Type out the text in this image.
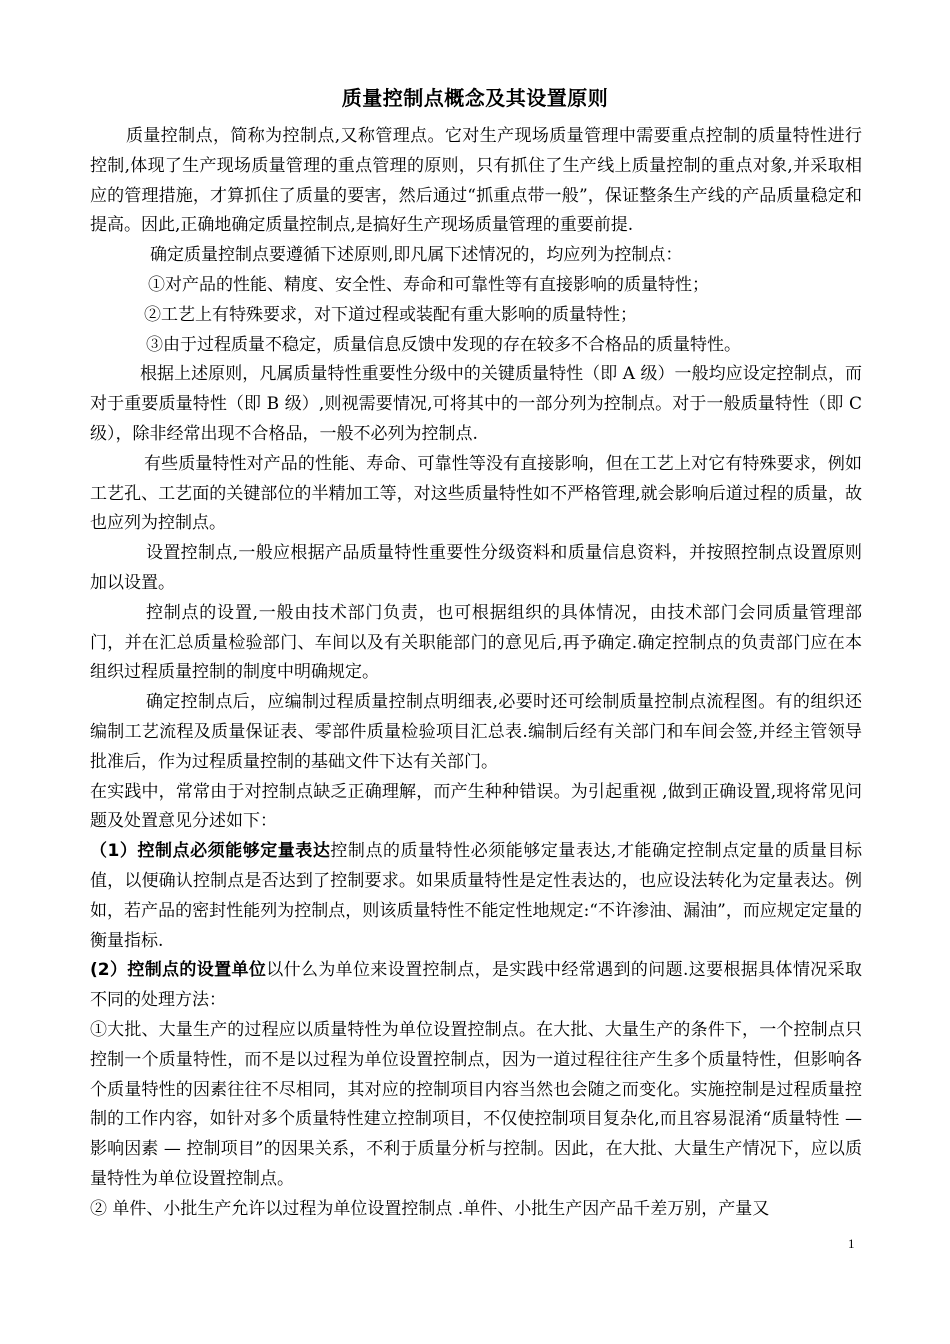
质量控制点概念及其设置原则

质量控制点，简称为控制点,又称管理点。它对生产现场质量管理中需要重点控制的质量特性进行控制,体现了生产现场质量管理的重点管理的原则，只有抓住了生产线上质量控制的重点对象,并采取相应的管理措施，才算抓住了质量的要害，然后通过“抓重点带一般”，保证整条生产线的产品质量稳定和提高。因此,正确地确定质量控制点,是搞好生产现场质量管理的重要前提.

确定质量控制点要遵循下述原则,即凡属下述情况的，均应列为控制点：

①对产品的性能、精度、安全性、寿命和可靠性等有直接影响的质量特性；

②工艺上有特殊要求，对下道过程或装配有重大影响的质量特性；

③由于过程质量不稳定，质量信息反馈中发现的存在较多不合格品的质量特性。

根据上述原则，凡属质量特性重要性分级中的关键质量特性（即 A 级）一般均应设定控制点，而对于重要质量特性（即 B 级）,则视需要情况,可将其中的一部分列为控制点。对于一般质量特性（即 C 级），除非经常出现不合格品，一般不必列为控制点.

有些质量特性对产品的性能、寿命、可靠性等没有直接影响，但在工艺上对它有特殊要求，例如工艺孔、工艺面的关键部位的半精加工等，对这些质量特性如不严格管理,就会影响后道过程的质量，故也应列为控制点。

设置控制点,一般应根据产品质量特性重要性分级资料和质量信息资料，并按照控制点设置原则加以设置。

控制点的设置,一般由技术部门负责，也可根据组织的具体情况，由技术部门会同质量管理部门，并在汇总质量检验部门、车间以及有关职能部门的意见后,再予确定.确定控制点的负责部门应在本组织过程质量控制的制度中明确规定。

确定控制点后，应编制过程质量控制点明细表,必要时还可绘制质量控制点流程图。有的组织还编制工艺流程及质量保证表、零部件质量检验项目汇总表.编制后经有关部门和车间会签,并经主管领导批准后，作为过程质量控制的基础文件下达有关部门。

在实践中，常常由于对控制点缺乏正确理解，而产生种种错误。为引起重视 ,做到正确设置,现将常见问题及处置意见分述如下：

（1）控制点必须能够定量表达控制点的质量特性必须能够定量表达,才能确定控制点定量的质量目标值，以便确认控制点是否达到了控制要求。如果质量特性是定性表达的，也应设法转化为定量表达。例如，若产品的密封性能列为控制点，则该质量特性不能定性地规定:“不许渗油、漏油”，而应规定定量的衡量指标.

(2）控制点的设置单位以什么为单位来设置控制点，是实践中经常遇到的问题.这要根据具体情况采取不同的处理方法：

①大批、大量生产的过程应以质量特性为单位设置控制点。在大批、大量生产的条件下，一个控制点只控制一个质量特性，而不是以过程为单位设置控制点，因为一道过程往往产生多个质量特性，但影响各个质量特性的因素往往不尽相同，其对应的控制项目内容当然也会随之而变化。实施控制是过程质量控制的工作内容，如针对多个质量特性建立控制项目，不仅使控制项目复杂化,而且容易混淆“质量特性 — 影响因素 — 控制项目”的因果关系，不利于质量分析与控制。因此，在大批、大量生产情况下，应以质量特性为单位设置控制点。

② 单件、小批生产允许以过程为单位设置控制点 .单件、小批生产因产品千差万别，产量又

1
